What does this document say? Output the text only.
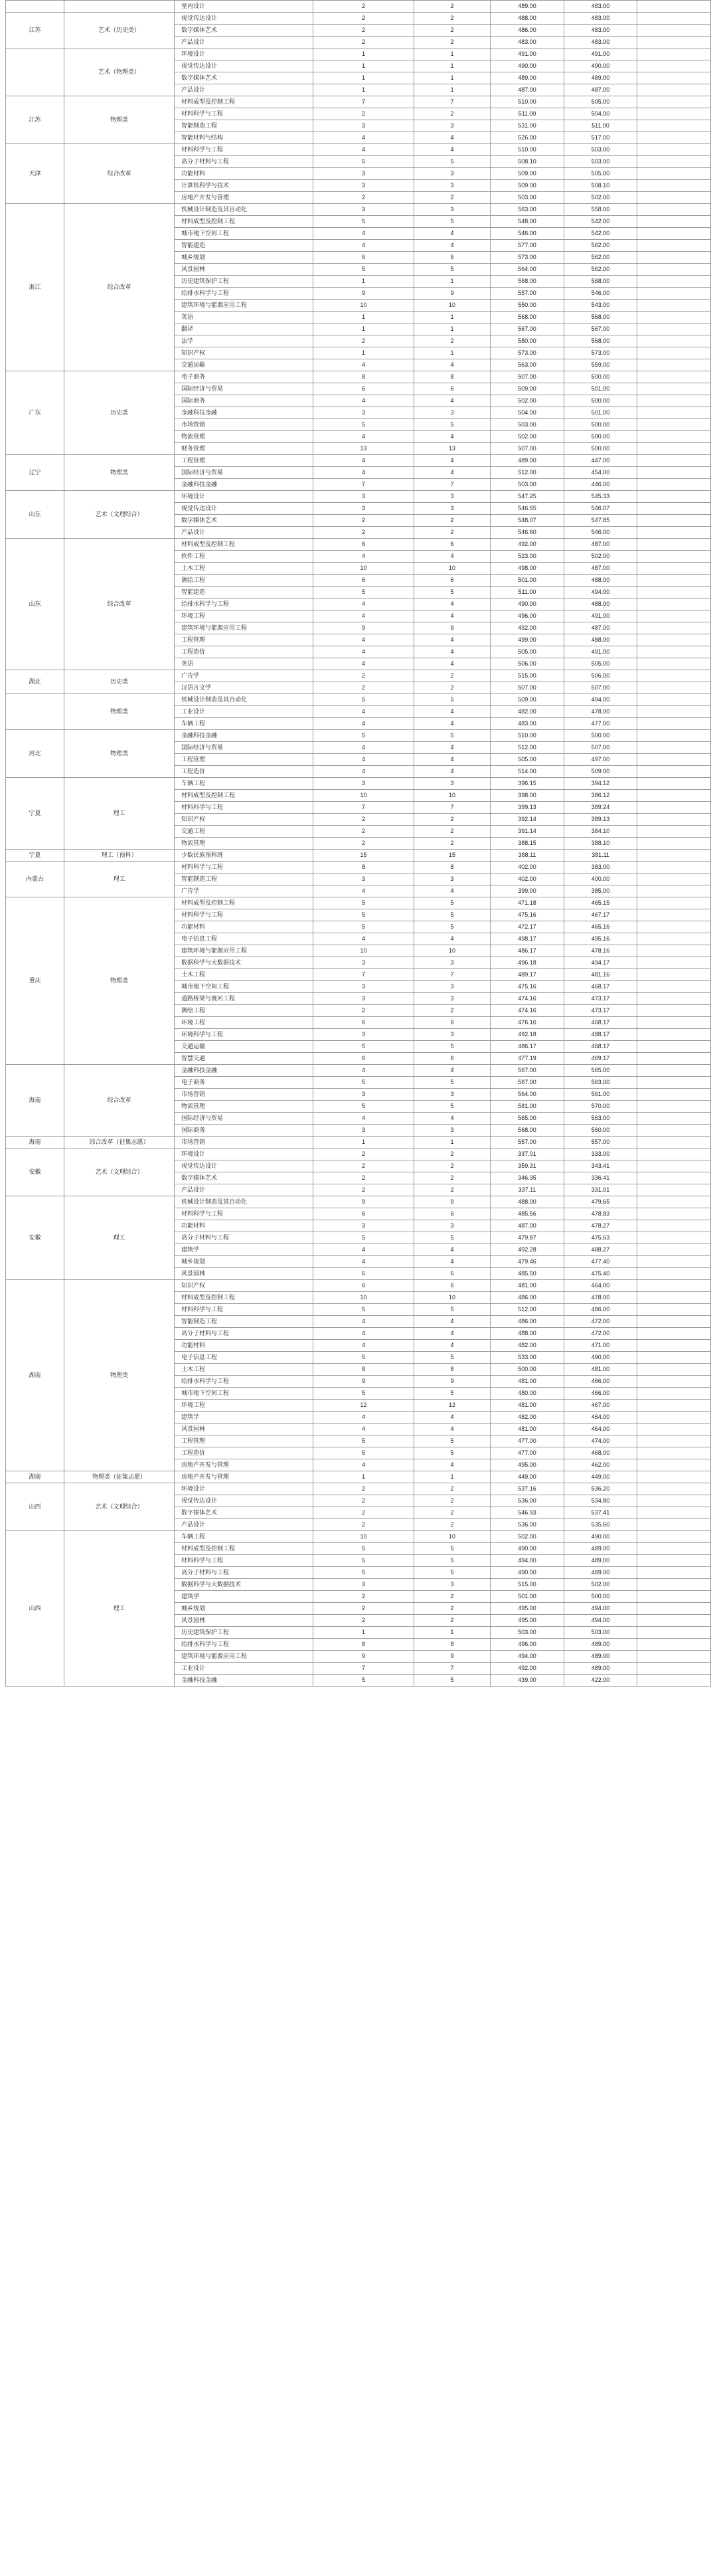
		室内设计	2	2	489.00	483.00		
江苏	艺术（历史类）	视觉传达设计	2	2	488.00	483.00		
		数字媒体艺术	2	2	486.00	483.00		
		产品设计	2	2	483.00	483.00		
	艺术（物理类）	环境设计	1	1	491.00	491.00		
		视觉传达设计	1	1	490.00	490.00		
		数字媒体艺术	1	1	489.00	489.00		
		产品设计	1	1	487.00	487.00		
江苏	物理类	材料成型及控制工程	7	7	510.00	505.00		
		材料科学与工程	2	2	511.00	504.00		
		智能制造工程	3	3	531.00	511.00		
		智能材料与结构	4	4	526.00	517.00		
天津	综合改革	材料科学与工程	4	4	510.00	503.00		
		高分子材料与工程	5	5	508.10	503.00		
		功能材料	3	3	509.00	505.00		
		计算机科学与技术	3	3	509.00	508.10		
		房地产开发与管理	2	2	503.00	502.00		
浙江	综合改革	机械设计制造及其自动化	3	3	563.00	558.00		
		材料成型及控制工程	5	5	548.00	542.00		
		城市地下空间工程	4	4	546.00	542.00		
		智能建造	4	4	577.00	562.00		
		城乡规划	6	6	573.00	562.00		
		风景园林	5	5	564.00	562.00		
		历史建筑保护工程	1	1	568.00	568.00		
		给排水科学与工程	9	9	557.00	546.00		
		建筑环境与能源应用工程	10	10	550.00	543.00		
		英语	1	1	568.00	568.00		
		翻译	1	1	567.00	567.00		
		法学	2	2	580.00	568.00		
		知识产权	1	1	573.00	573.00		
		交通运输	4	4	563.00	559.00		
广东	历史类	电子商务	8	8	507.00	500.00		
		国际经济与贸易	6	6	509.00	501.00		
		国际商务	4	4	502.00	500.00		
		金融科技金融	3	3	504.00	501.00		
		市场营销	5	5	503.00	500.00		
		物流管理	4	4	502.00	500.00		
		财务管理	13	13	507.00	500.00		
辽宁	物理类	工程管理	4	4	489.00	447.00		
		国际经济与贸易	4	4	512.00	454.00		
		金融科技金融	7	7	503.00	446.00		
山东	艺术（文理综合）	环境设计	3	3	547.25	545.33		
		视觉传达设计	3	3	546.55	546.07		
		数字媒体艺术	2	2	548.07	547.85		
		产品设计	2	2	546.60	546.00		
山东	综合改革	材料成型及控制工程	6	6	492.00	487.00		
		软件工程	4	4	523.00	502.00		
		土木工程	10	10	498.00	487.00		
		测绘工程	6	6	501.00	488.00		
		智能建造	5	5	511.00	494.00		
		给排水科学与工程	4	4	490.00	488.00		
		环境工程	4	4	496.00	491.00		
		建筑环境与能源应用工程	9	9	492.00	487.00		
		工程管理	4	4	499.00	488.00		
		工程造价	4	4	505.00	491.00		
		英语	4	4	506.00	505.00		
湖北	历史类	广告学	2	2	515.00	506.00		
		汉语言文学	2	2	507.00	507.00		
	物理类	机械设计制造及其自动化	5	5	509.00	494.00		
		工业设计	4	4	482.00	478.00		
		车辆工程	4	4	483.00	477.00		
河北	物理类	金融科技金融	5	5	510.00	500.00		
		国际经济与贸易	4	4	512.00	507.00		
		工程管理	4	4	505.00	497.00		
		工程造价	4	4	514.00	509.00		
宁夏	理工	车辆工程	3	3	396.15	394.12		
		材料成型及控制工程	10	10	398.00	386.12		
		材料科学与工程	7	7	399.13	389.24		
		知识产权	2	2	392.14	389.13		
		交通工程	2	2	391.14	384.10		
		物流管理	2	2	388.15	388.10		
宁夏	理工（预科）	少数民族预科班	15	15	388.11	381.11		
内蒙古	理工	材料科学与工程	8	8	402.00	383.00		
		智能制造工程	3	3	402.00	400.00		
		广告学	4	4	399.00	385.00		
重庆	物理类	材料成型及控制工程	5	5	471.18	465.15		
		材料科学与工程	5	5	475.16	467.17		
		功能材料	5	5	472.17	465.16		
		电子信息工程	4	4	498.17	495.16		
		建筑环境与能源应用工程	10	10	486.17	478.16		
		数据科学与大数据技术	3	3	496.18	494.17		
		土木工程	7	7	489.17	481.16		
		城市地下空间工程	3	3	475.16	468.17		
		道路桥梁与渡河工程	3	3	474.16	473.17		
		测绘工程	2	2	474.16	473.17		
		环境工程	6	6	476.16	468.17		
		环境科学与工程	3	3	492.18	488.17		
		交通运输	5	5	486.17	468.17		
		智慧交通	6	6	477.19	469.17		
海南	综合改革	金融科技金融	4	4	567.00	565.00		
		电子商务	5	5	567.00	563.00		
		市场营销	3	3	564.00	561.00		
		物流管理	5	5	581.00	570.00		
		国际经济与贸易	4	4	565.00	563.00		
		国际商务	3	3	568.00	560.00		
海南	综合改革（征集志愿）	市场营销	1	1	557.00	557.00		
安徽	艺术（文理综合）	环境设计	2	2	337.01	333.00		
		视觉传达设计	2	2	359.31	343.41		
		数字媒体艺术	2	2	346.35	336.41		
		产品设计	2	2	337.11	331.01		
安徽	理工	机械设计制造及其自动化	9	9	488.00	479.65		
		材料科学与工程	6	6	485.56	478.83		
		功能材料	3	3	487.00	478.27		
		高分子材料与工程	5	5	479.87	475.63		
		建筑学	4	4	492.28	488.27		
		城乡规划	4	4	479.46	477.40		
		风景园林	6	6	485.50	475.40		
湖南	物理类	知识产权	6	6	481.00	464.00		
		材料成型及控制工程	10	10	486.00	478.00		
		材料科学与工程	5	5	512.00	486.00		
		智能制造工程	4	4	486.00	472.00		
		高分子材料与工程	4	4	488.00	472.00		
		功能材料	4	4	482.00	471.00		
		电子信息工程	5	5	533.00	490.00		
		土木工程	8	8	500.00	481.00		
		给排水科学与工程	9	9	481.00	466.00		
		城市地下空间工程	5	5	480.00	466.00		
		环境工程	12	12	481.00	467.00		
		建筑学	4	4	482.00	464.00		
		风景园林	4	4	481.00	464.00		
		工程管理	5	5	477.00	474.00		
		工程造价	5	5	477.00	468.00		
		房地产开发与管理	4	4	495.00	462.00		
湖南	物理类（征集志愿）	房地产开发与管理	1	1	449.00	449.00		
山西	艺术（文理综合）	环境设计	2	2	537.16	536.20		
		视觉传达设计	2	2	536.00	534.80		
		数字媒体艺术	2	2	546.93	537.41		
		产品设计	2	2	536.00	535.60		
山西	理工	车辆工程	10	10	502.00	490.00		
		材料成型及控制工程	5	5	490.00	489.00		
		材料科学与工程	5	5	494.00	489.00		
		高分子材料与工程	5	5	490.00	489.00		
		数据科学与大数据技术	3	3	515.00	502.00		
		建筑学	2	2	501.00	500.00		
		城乡规划	2	2	495.00	494.00		
		风景园林	2	2	495.00	494.00		
		历史建筑保护工程	1	1	503.00	503.00		
		给排水科学与工程	8	8	496.00	489.00		
		建筑环境与能源应用工程	9	9	494.00	489.00		
		工业设计	7	7	492.00	489.00		
		金融科技金融	5	5	439.00	422.00		
